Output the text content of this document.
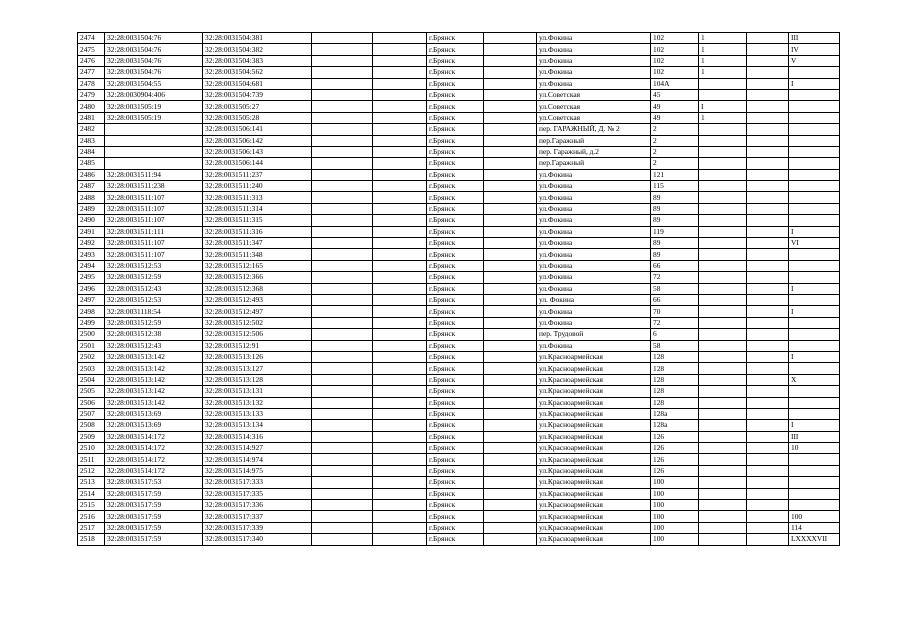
2474	32:28:0031504:76	32:28:0031504:381			г.Брянск		ул.Фокина	102	1		III
2475	32:28:0031504:76	32:28:0031504:382			г.Брянск		ул.Фокина	102	1		IV
2476	32:28:0031504:76	32:28:0031504:383			г.Брянск		ул.Фокина	102	1		V
2477	32:28:0031504:76	32:28:0031504:562			г.Брянск		ул.Фокина	102	1		
2478	32:28:0031504:55	32:28:0031504:681			г.Брянск		ул.Фокина	104А			I
2479	32:28:0030904:406	32:28:0031504:739			г.Брянск		ул.Советская	45			
2480	32:28:0031505:19	32:28:0031505:27			г.Брянск		ул.Советская	49	I		
2481	32:28:0031505:19	32:28:0031505:28			г.Брянск		ул.Советская	49	1		
2482		32:28:0031506:141			г.Брянск		пер. ГАРАЖНЫЙ, Д. № 2	2			
2483		32:28:0031506:142			г.Брянск		пер.Гаражный	2			
2484		32:28:0031506:143			г.Брянск		пер. Гаражный, д.2	2			
2485		32:28:0031506:144			г.Брянск		пер.Гаражный	2			
2486	32:28:0031511:94	32:28:0031511:237			г.Брянск		ул.Фокина	121			
2487	32:28:0031511:238	32:28:0031511:240			г.Брянск		ул.Фокина	115			
2488	32:28:0031511:107	32:28:0031511:313			г.Брянск		ул.Фокина	89			
2489	32:28:0031511:107	32:28:0031511:314			г.Брянск		ул.Фокина	89			
2490	32:28:0031511:107	32:28:0031511:315			г.Брянск		ул.Фокина	89			
2491	32:28:0031511:111	32:28:0031511:316			г.Брянск		ул.Фокина	119			I
2492	32:28:0031511:107	32:28:0031511:347			г.Брянск		ул.Фокина	89			VI
2493	32:28:0031511:107	32:28:0031511:348			г.Брянск		ул.Фокина	89			
2494	32:28:0031512:53	32:28:0031512:165			г.Брянск		ул.Фокина	66			
2495	32:28:0031512:59	32:28:0031512:366			г.Брянск		ул.Фокина	72			
2496	32:28:0031512:43	32:28:0031512:368			г.Брянск		ул.Фокина	58			I
2497	32:28:0031512:53	32:28:0031512:493			г.Брянск		ул. Фокина	66			
2498	32:28:0031118:54	32:28:0031512:497			г.Брянск		ул.Фокина	70			I
2499	32:28:0031512:59	32:28:0031512:502			г.Брянск		ул.Фокина	72			
2500	32:28:0031512:38	32:28:0031512:506			г.Брянск		пер. Трудовой	6			
2501	32:28:0031512:43	32:28:0031512:91			г.Брянск		ул.Фокина	58			
2502	32:28:0031513:142	32:28:0031513:126			г.Брянск		ул.Красноармейская	128			I
2503	32:28:0031513:142	32:28:0031513:127			г.Брянск		ул.Красноармейская	128			
2504	32:28:0031513:142	32:28:0031513:128			г.Брянск		ул.Красноармейская	128			X
2505	32:28:0031513:142	32:28:0031513:131			г.Брянск		ул.Красноармейская	128			
2506	32:28:0031513:142	32:28:0031513:132			г.Брянск		ул.Красноармейская	128			
2507	32:28:0031513:69	32:28:0031513:133			г.Брянск		ул.Красноармейская	128а			
2508	32:28:0031513:69	32:28:0031513:134			г.Брянск		ул.Красноармейская	128а			I
2509	32:28:0031514:172	32:28:0031514:316			г.Брянск		ул.Красноармейская	126			III
2510	32:28:0031514:172	32:28:0031514:927			г.Брянск		ул.Красноармейская	126			10
2511	32:28:0031514:172	32:28:0031514:974			г.Брянск		ул.Красноармейская	126			
2512	32:28:0031514:172	32:28:0031514:975			г.Брянск		ул.Красноармейская	126			
2513	32:28:0031517:53	32:28:0031517:333			г.Брянск		ул.Красноармейская	100			
2514	32:28:0031517:59	32:28:0031517:335			г.Брянск		ул.Красноармейская	100			
2515	32:28:0031517:59	32:28:0031517:336			г.Брянск		ул.Красноармейская	100			
2516	32:28:0031517:59	32:28:0031517:337			г.Брянск		ул.Красноармейская	100			100
2517	32:28:0031517:59	32:28:0031517:339			г.Брянск		ул.Красноармейская	100			114
2518	32:28:0031517:59	32:28:0031517:340			г.Брянск		ул.Красноармейская	100			LXXXXVII
